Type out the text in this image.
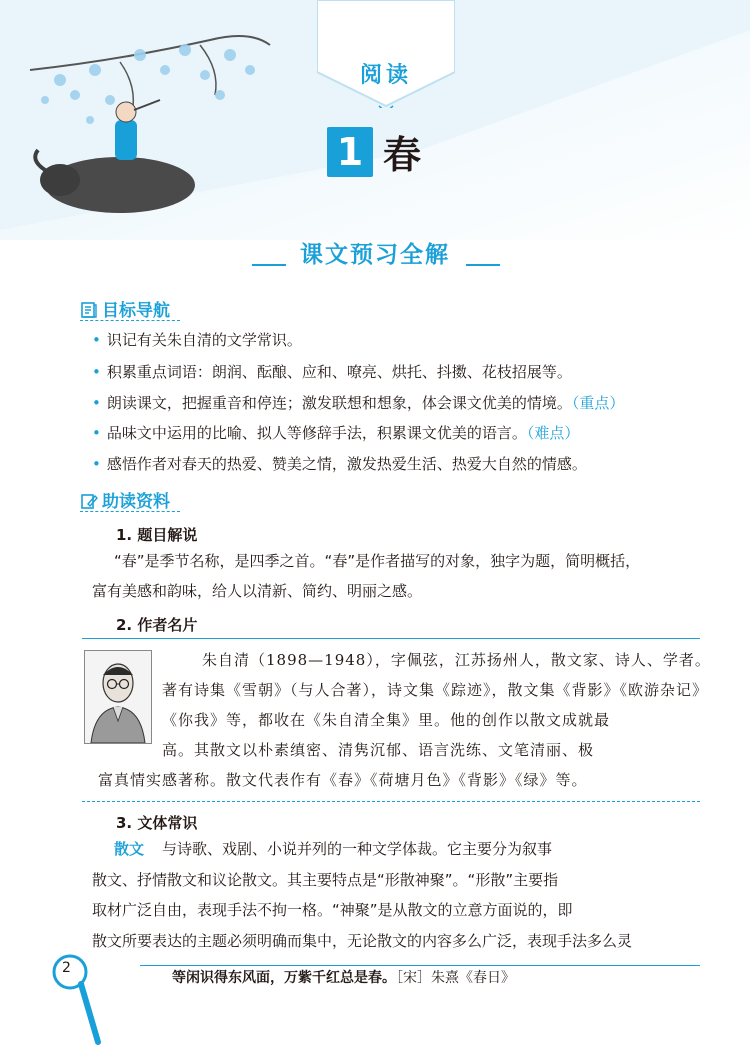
阅读
1 春
课文预习全解
目标导航
• 识记有关朱自清的文学常识。
• 积累重点词语：朗润、酝酿、应和、嘹亮、烘托、抖擞、花枝招展等。
• 朗读课文，把握重音和停连；激发联想和想象，体会课文优美的情境。（重点）
• 品味文中运用的比喻、拟人等修辞手法，积累课文优美的语言。（难点）
• 感悟作者对春天的热爱、赞美之情，激发热爱生活、热爱大自然的情感。
助读资料
1. 题目解说
“春”是季节名称，是四季之首。“春”是作者描写的对象，独字为题，简明概括，
富有美感和韵味，给人以清新、简约、明丽之感。
2. 作者名片
朱自清（1898—1948），字佩弦，江苏扬州人，散文家、诗人、学者。
著有诗集《雪朝》（与人合著），诗文集《踪迹》，散文集《背影》《欧游杂记》
《你我》等，都收在《朱自清全集》里。他的创作以散文成就最
高。其散文以朴素缜密、清隽沉郁、语言洗练、文笔清丽、极
富真情实感著称。散文代表作有《春》《荷塘月色》《背影》《绿》等。
3. 文体常识
散文 与诗歌、戏剧、小说并列的一种文学体裁。它主要分为叙事
散文、抒情散文和议论散文。其主要特点是“形散神聚”。“形散”主要指
取材广泛自由，表现手法不拘一格。“神聚”是从散文的立意方面说的，即
散文所要表达的主题必须明确而集中，无论散文的内容多么广泛，表现手法多么灵
2
等闲识得东风面，万紫千红总是春。［宋］朱熹《春日》
